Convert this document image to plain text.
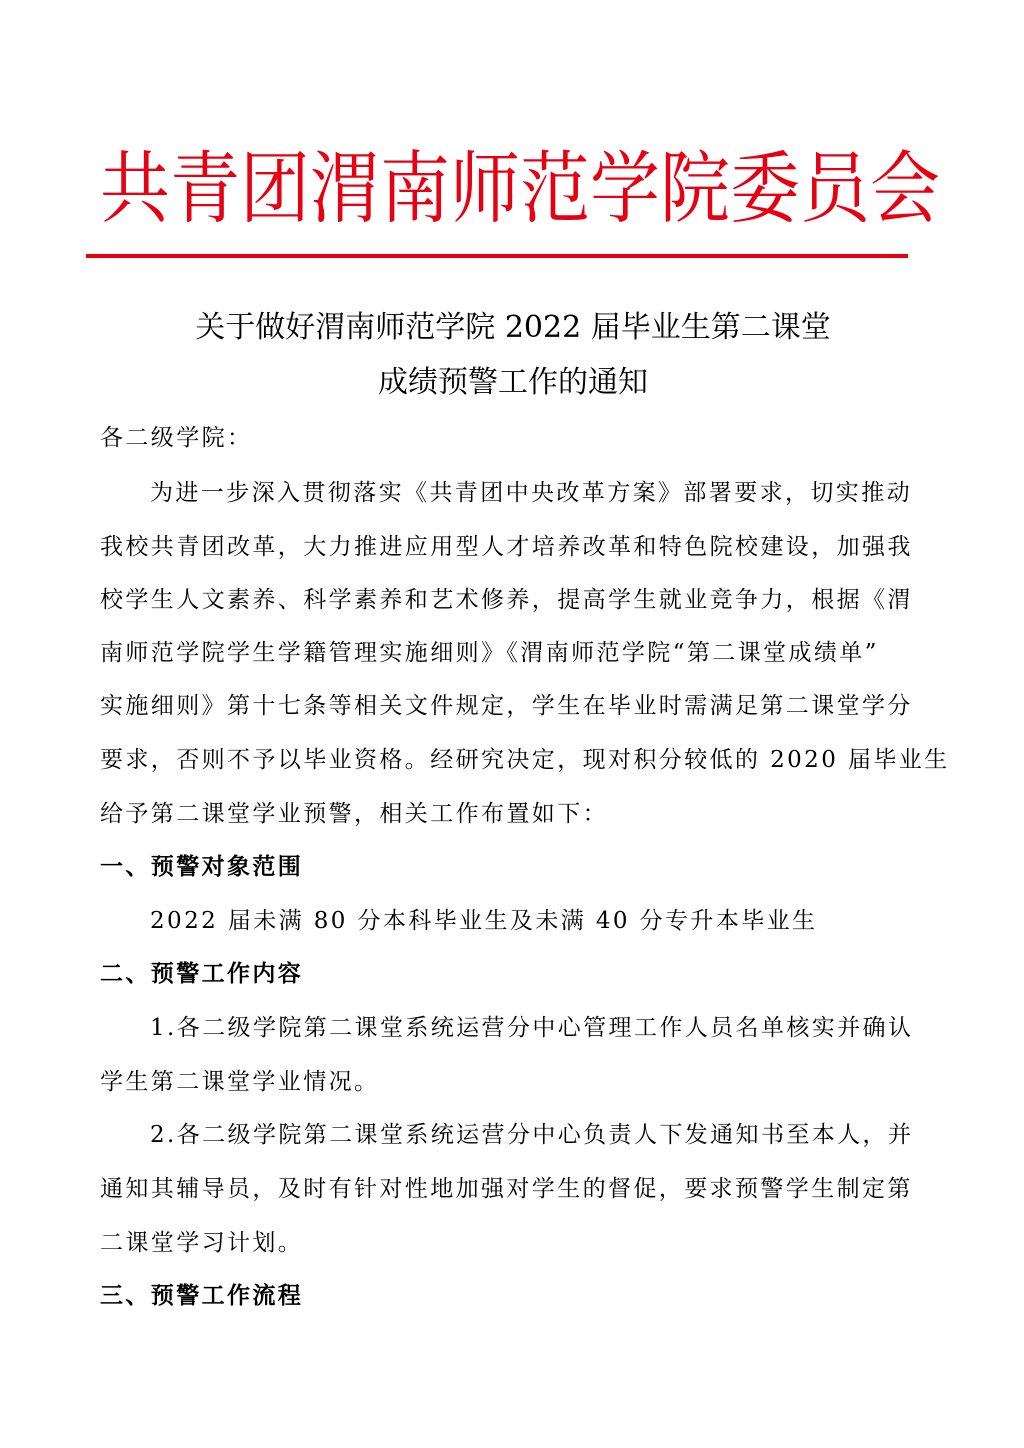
共青团渭南师范学院委员会
关于做好渭南师范学院 2022 届毕业生第二课堂
成绩预警工作的通知
各二级学院：
为进一步深入贯彻落实《共青团中央改革方案》部署要求，切实推动
我校共青团改革，大力推进应用型人才培养改革和特色院校建设，加强我
校学生人文素养、科学素养和艺术修养，提高学生就业竞争力，根据《渭
南师范学院学生学籍管理实施细则》《渭南师范学院“第二课堂成绩单”
实施细则》第十七条等相关文件规定，学生在毕业时需满足第二课堂学分
要求，否则不予以毕业资格。经研究决定，现对积分较低的 2020 届毕业生
给予第二课堂学业预警，相关工作布置如下：
一、预警对象范围
2022 届未满 80 分本科毕业生及未满 40 分专升本毕业生
二、预警工作内容
1.各二级学院第二课堂系统运营分中心管理工作人员名单核实并确认
学生第二课堂学业情况。
2.各二级学院第二课堂系统运营分中心负责人下发通知书至本人，并
通知其辅导员，及时有针对性地加强对学生的督促，要求预警学生制定第
二课堂学习计划。
三、预警工作流程
